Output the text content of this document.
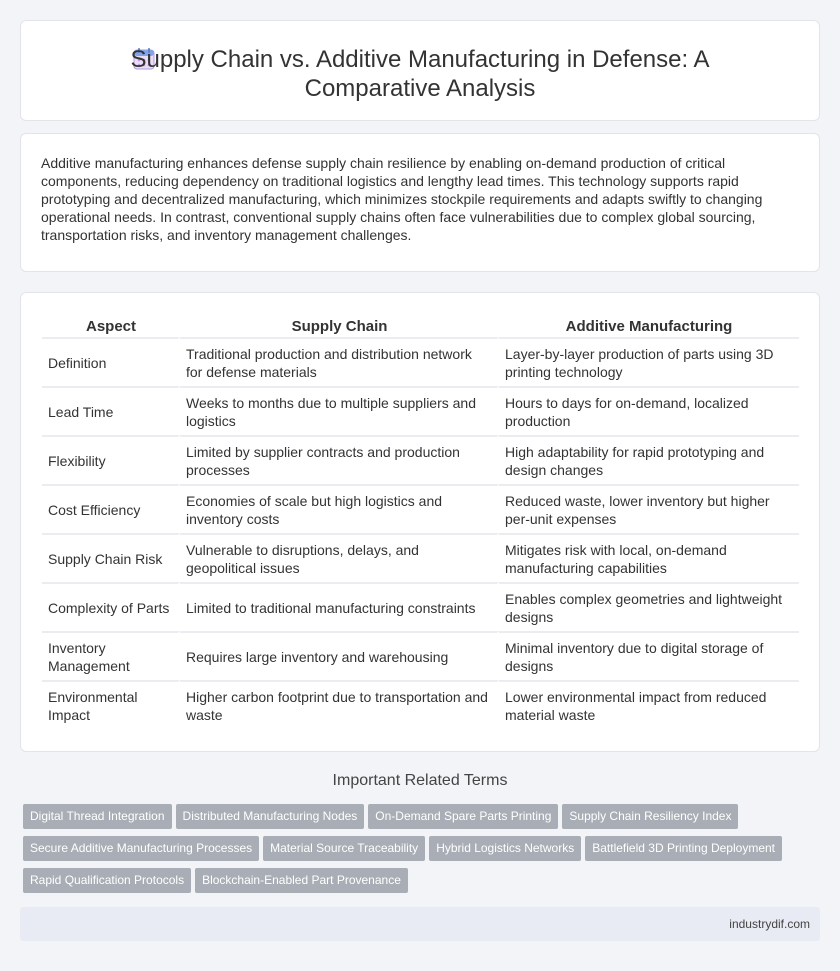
Supply Chain vs. Additive Manufacturing in Defense: A Comparative Analysis

Additive manufacturing enhances defense supply chain resilience by enabling on-demand production of critical components, reducing dependency on traditional logistics and lengthy lead times. This technology supports rapid prototyping and decentralized manufacturing, which minimizes stockpile requirements and adapts swiftly to changing operational needs. In contrast, conventional supply chains often face vulnerabilities due to complex global sourcing, transportation risks, and inventory management challenges.

Aspect	Supply Chain	Additive Manufacturing
Definition	Traditional production and distribution network for defense materials	Layer-by-layer production of parts using 3D printing technology
Lead Time	Weeks to months due to multiple suppliers and logistics	Hours to days for on-demand, localized production
Flexibility	Limited by supplier contracts and production processes	High adaptability for rapid prototyping and design changes
Cost Efficiency	Economies of scale but high logistics and inventory costs	Reduced waste, lower inventory but higher per-unit expenses
Supply Chain Risk	Vulnerable to disruptions, delays, and geopolitical issues	Mitigates risk with local, on-demand manufacturing capabilities
Complexity of Parts	Limited to traditional manufacturing constraints	Enables complex geometries and lightweight designs
Inventory Management	Requires large inventory and warehousing	Minimal inventory due to digital storage of designs
Environmental Impact	Higher carbon footprint due to transportation and waste	Lower environmental impact from reduced material waste
Important Related Terms
Digital Thread Integration Distributed Manufacturing Nodes On-Demand Spare Parts Printing Supply Chain Resiliency Index
Secure Additive Manufacturing Processes Material Source Traceability Hybrid Logistics Networks Battlefield 3D Printing Deployment
Rapid Qualification Protocols Blockchain-Enabled Part Provenance
industrydif.com
